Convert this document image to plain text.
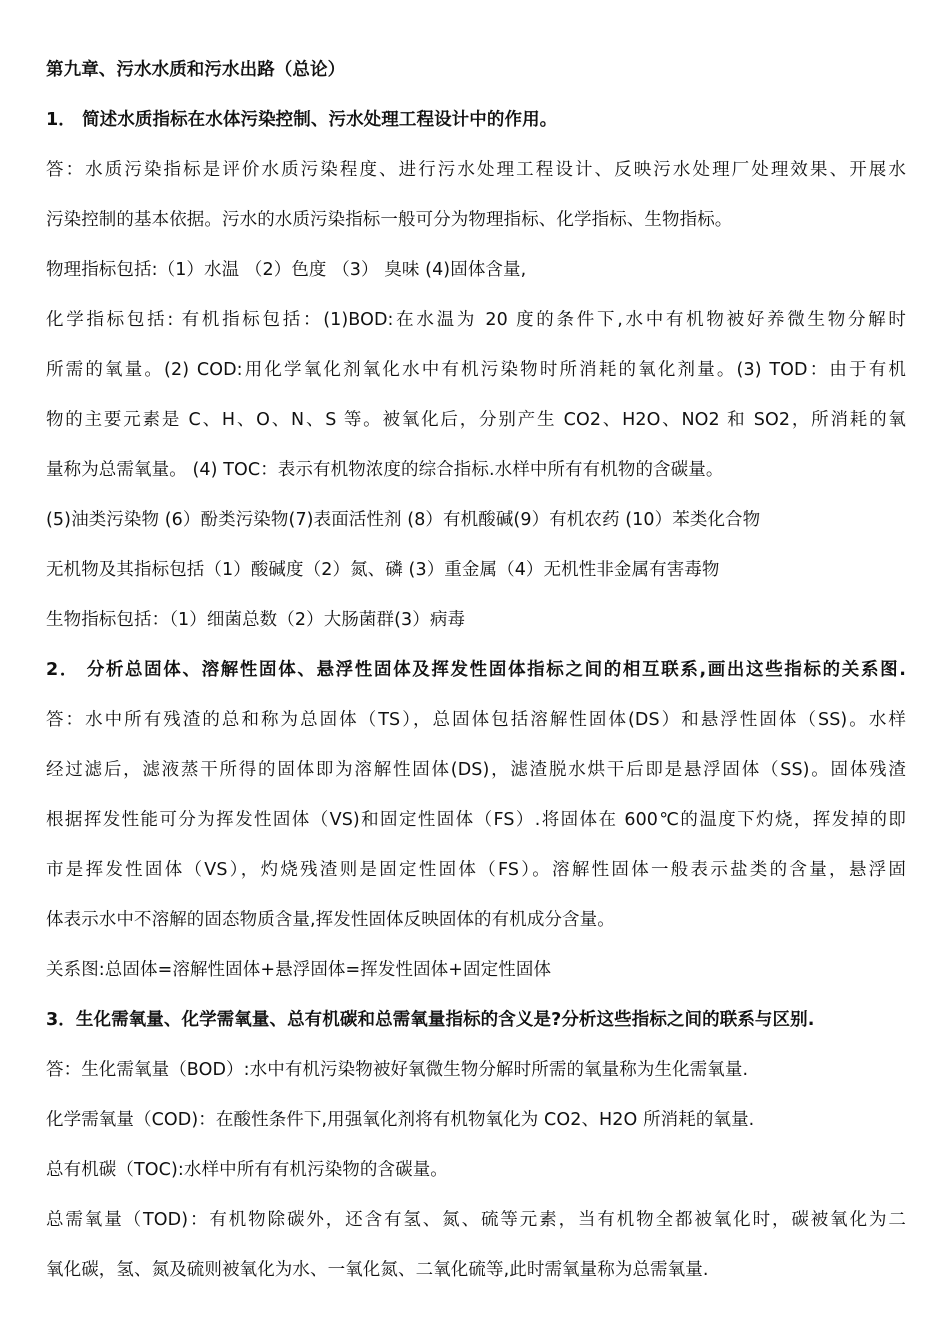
第九章、污水水质和污水出路（总论）

1． 简述水质指标在水体污染控制、污水处理工程设计中的作用。

答：水质污染指标是评价水质污染程度、进行污水处理工程设计、反映污水处理厂处理效果、开展水

污染控制的基本依据。污水的水质污染指标一般可分为物理指标、化学指标、生物指标。

物理指标包括:（1）水温 （2）色度 （3） 臭味 (4)固体含量,

化学指标包括: 有机指标包括：(1)BOD:在水温为 20 度的条件下,水中有机物被好养微生物分解时

所需的氧量。(2) COD:用化学氧化剂氧化水中有机污染物时所消耗的氧化剂量。(3) TOD：由于有机

物的主要元素是 C、H、O、N、S 等。被氧化后，分别产生 CO2、H2O、NO2 和 SO2，所消耗的氧

量称为总需氧量。 (4) TOC：表示有机物浓度的综合指标.水样中所有有机物的含碳量。

(5)油类污染物 (6）酚类污染物(7)表面活性剂 (8）有机酸碱(9）有机农药 (10）苯类化合物

无机物及其指标包括（1）酸碱度（2）氮、磷 (3）重金属（4）无机性非金属有害毒物

生物指标包括：（1）细菌总数（2）大肠菌群(3）病毒

2． 分析总固体、溶解性固体、悬浮性固体及挥发性固体指标之间的相互联系,画出这些指标的关系图.

答：水中所有残渣的总和称为总固体（TS），总固体包括溶解性固体(DS）和悬浮性固体（SS)。水样

经过滤后，滤液蒸干所得的固体即为溶解性固体(DS)，滤渣脱水烘干后即是悬浮固体（SS)。固体残渣

根据挥发性能可分为挥发性固体（VS)和固定性固体（FS）.将固体在 600℃的温度下灼烧，挥发掉的即

市是挥发性固体（VS），灼烧残渣则是固定性固体（FS）。溶解性固体一般表示盐类的含量，悬浮固

体表示水中不溶解的固态物质含量,挥发性固体反映固体的有机成分含量。

关系图:总固体=溶解性固体+悬浮固体=挥发性固体+固定性固体

3．生化需氧量、化学需氧量、总有机碳和总需氧量指标的含义是?分析这些指标之间的联系与区别.

答：生化需氧量（BOD）:水中有机污染物被好氧微生物分解时所需的氧量称为生化需氧量.

化学需氧量（COD)：在酸性条件下,用强氧化剂将有机物氧化为 CO2、H2O 所消耗的氧量.

总有机碳（TOC):水样中所有有机污染物的含碳量。

总需氧量（TOD)：有机物除碳外，还含有氢、氮、硫等元素，当有机物全都被氧化时，碳被氧化为二

氧化碳，氢、氮及硫则被氧化为水、一氧化氮、二氧化硫等,此时需氧量称为总需氧量.
